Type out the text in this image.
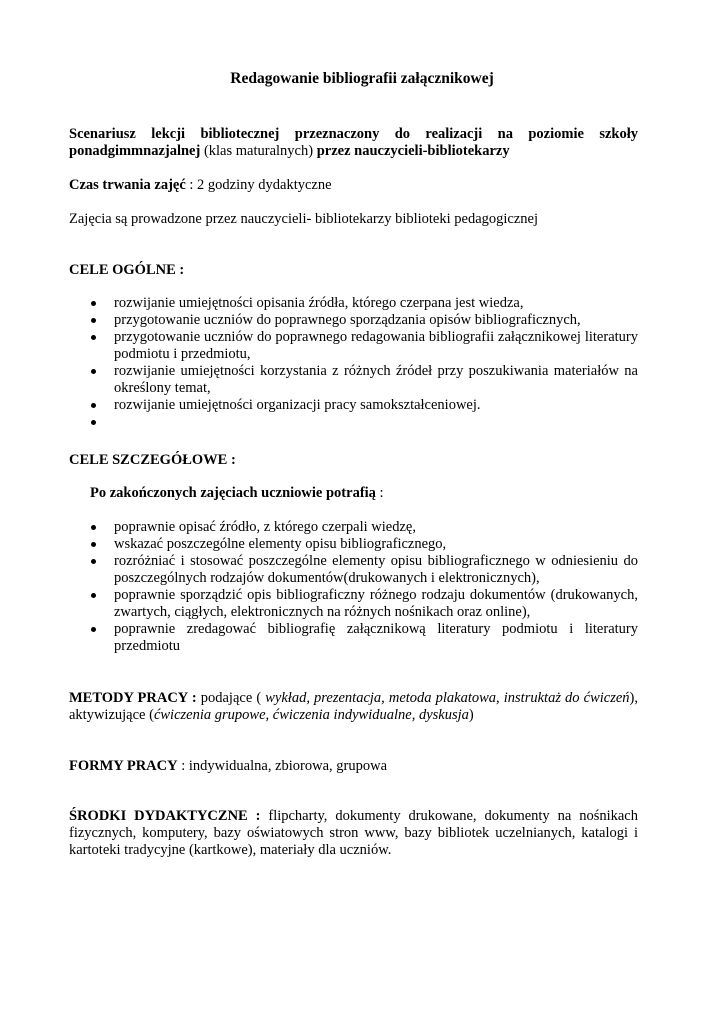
Redagowanie bibliografii załącznikowej
Scenariusz lekcji bibliotecznej przeznaczony do realizacji na poziomie szkoły ponadgimmnazjalnej (klas maturalnych) przez nauczycieli-bibliotekarzy
Czas trwania zajęć : 2 godziny dydaktyczne
Zajęcia są prowadzone przez nauczycieli- bibliotekarzy biblioteki pedagogicznej
CELE OGÓLNE :
rozwijanie umiejętności opisania źródła, którego czerpana jest wiedza,
przygotowanie uczniów do poprawnego sporządzania opisów bibliograficznych,
przygotowanie uczniów do poprawnego redagowania bibliografii załącznikowej literatury podmiotu i przedmiotu,
rozwijanie umiejętności korzystania z różnych źródeł przy poszukiwania materiałów na określony temat,
rozwijanie umiejętności organizacji pracy samokształceniowej.
CELE SZCZEGÓŁOWE :
Po zakończonych zajęciach uczniowie potrafią :
poprawnie opisać źródło, z którego czerpali wiedzę,
wskazać poszczególne elementy opisu bibliograficznego,
rozróżniać i stosować poszczególne elementy opisu bibliograficznego w odniesieniu do poszczególnych rodzajów dokumentów(drukowanych i elektronicznych),
poprawnie sporządzić opis bibliograficzny różnego rodzaju dokumentów (drukowanych, zwartych, ciągłych, elektronicznych na różnych nośnikach oraz online),
poprawnie zredagować bibliografię załącznikową literatury podmiotu i literatury przedmiotu
METODY PRACY : podające ( wykład, prezentacja, metoda plakatowa, instruktaż do ćwiczeń), aktywizujące (ćwiczenia grupowe, ćwiczenia indywidualne, dyskusja)
FORMY PRACY : indywidualna, zbiorowa, grupowa
ŚRODKI DYDAKTYCZNE : flipcharty, dokumenty drukowane, dokumenty na nośnikach fizycznych, komputery, bazy oświatowych stron www, bazy bibliotek uczelnianych, katalogi i kartoteki tradycyjne (kartkowe), materiały dla uczniów.
